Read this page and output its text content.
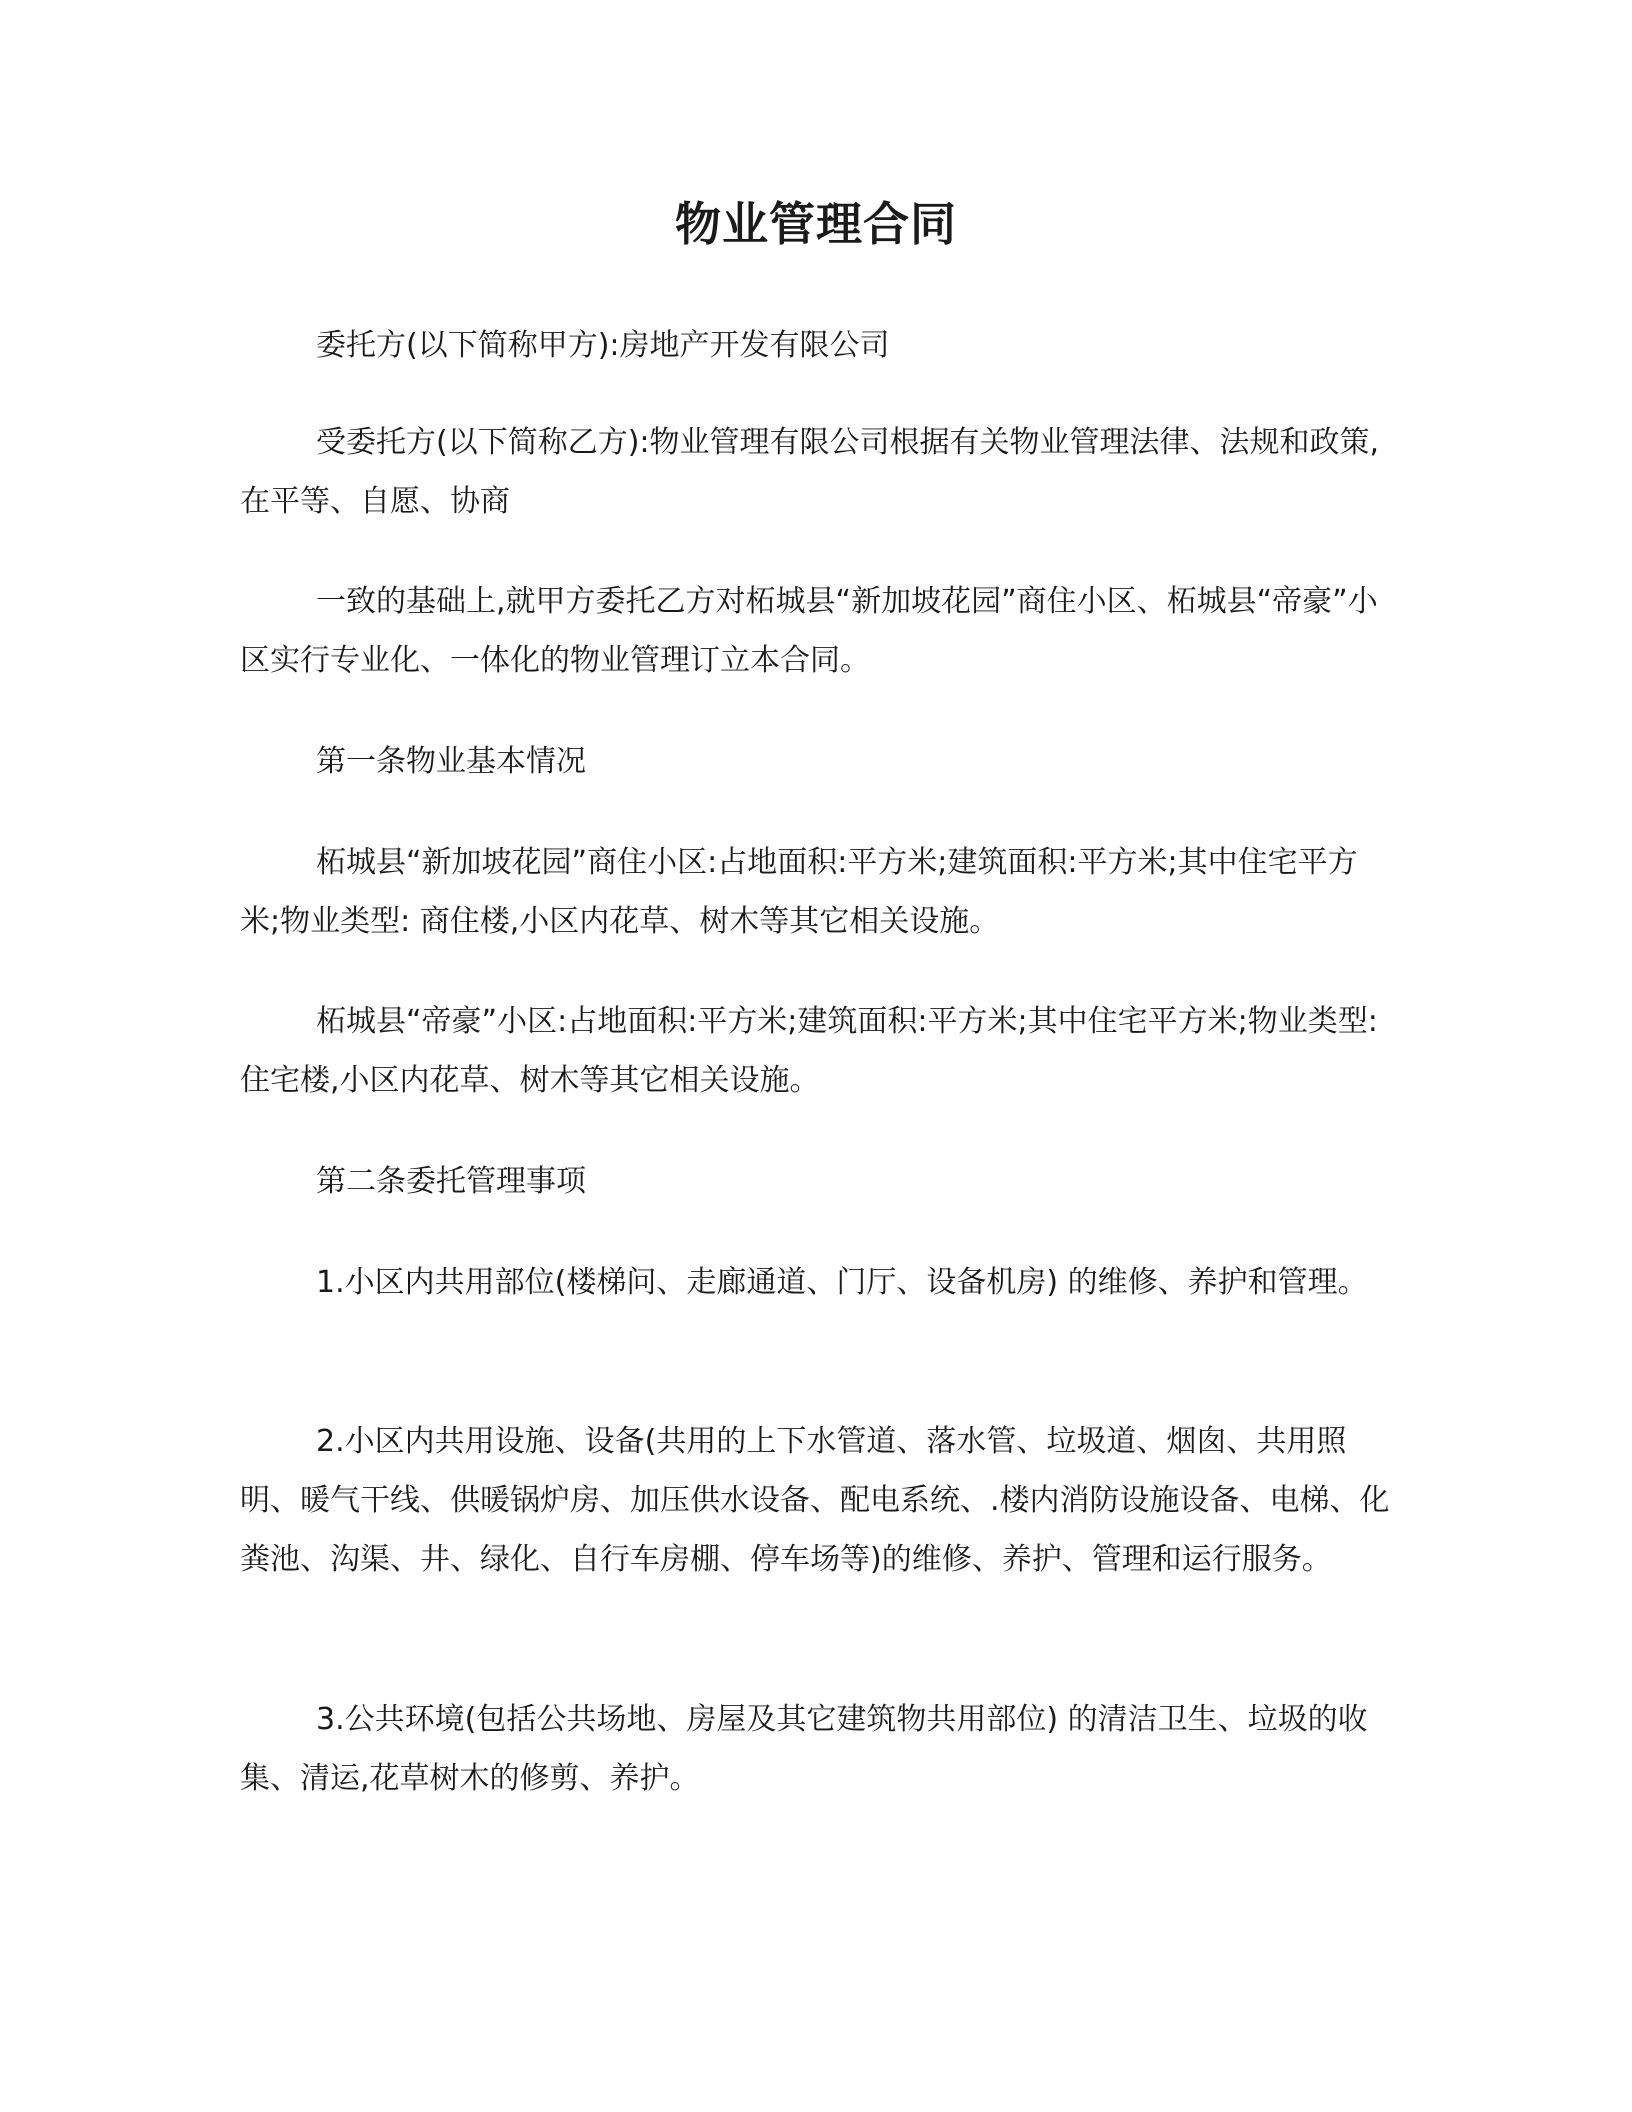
物业管理合同

委托方(以下简称甲方):房地产开发有限公司

受委托方(以下简称乙方):物业管理有限公司根据有关物业管理法律、法规和政策,在平等、自愿、协商

一致的基础上,就甲方委托乙方对柘城县“新加坡花园”商住小区、柘城县“帝豪”小区实行专业化、一体化的物业管理订立本合同。

第一条物业基本情况

柘城县“新加坡花园”商住小区:占地面积:平方米;建筑面积:平方米;其中住宅平方米;物业类型: 商住楼,小区内花草、树木等其它相关设施。

柘城县“帝豪”小区:占地面积:平方米;建筑面积:平方米;其中住宅平方米;物业类型:住宅楼,小区内花草、树木等其它相关设施。

第二条委托管理事项

1.小区内共用部位(楼梯问、走廊通道、门厅、设备机房) 的维修、养护和管理。

2.小区内共用设施、设备(共用的上下水管道、落水管、垃圾道、烟囱、共用照明、暖气干线、供暖锅炉房、加压供水设备、配电系统、.楼内消防设施设备、电梯、化粪池、沟渠、井、绿化、自行车房棚、停车场等)的维修、养护、管理和运行服务。

3.公共环境(包括公共场地、房屋及其它建筑物共用部位) 的清洁卫生、垃圾的收集、清运,花草树木的修剪、养护。
